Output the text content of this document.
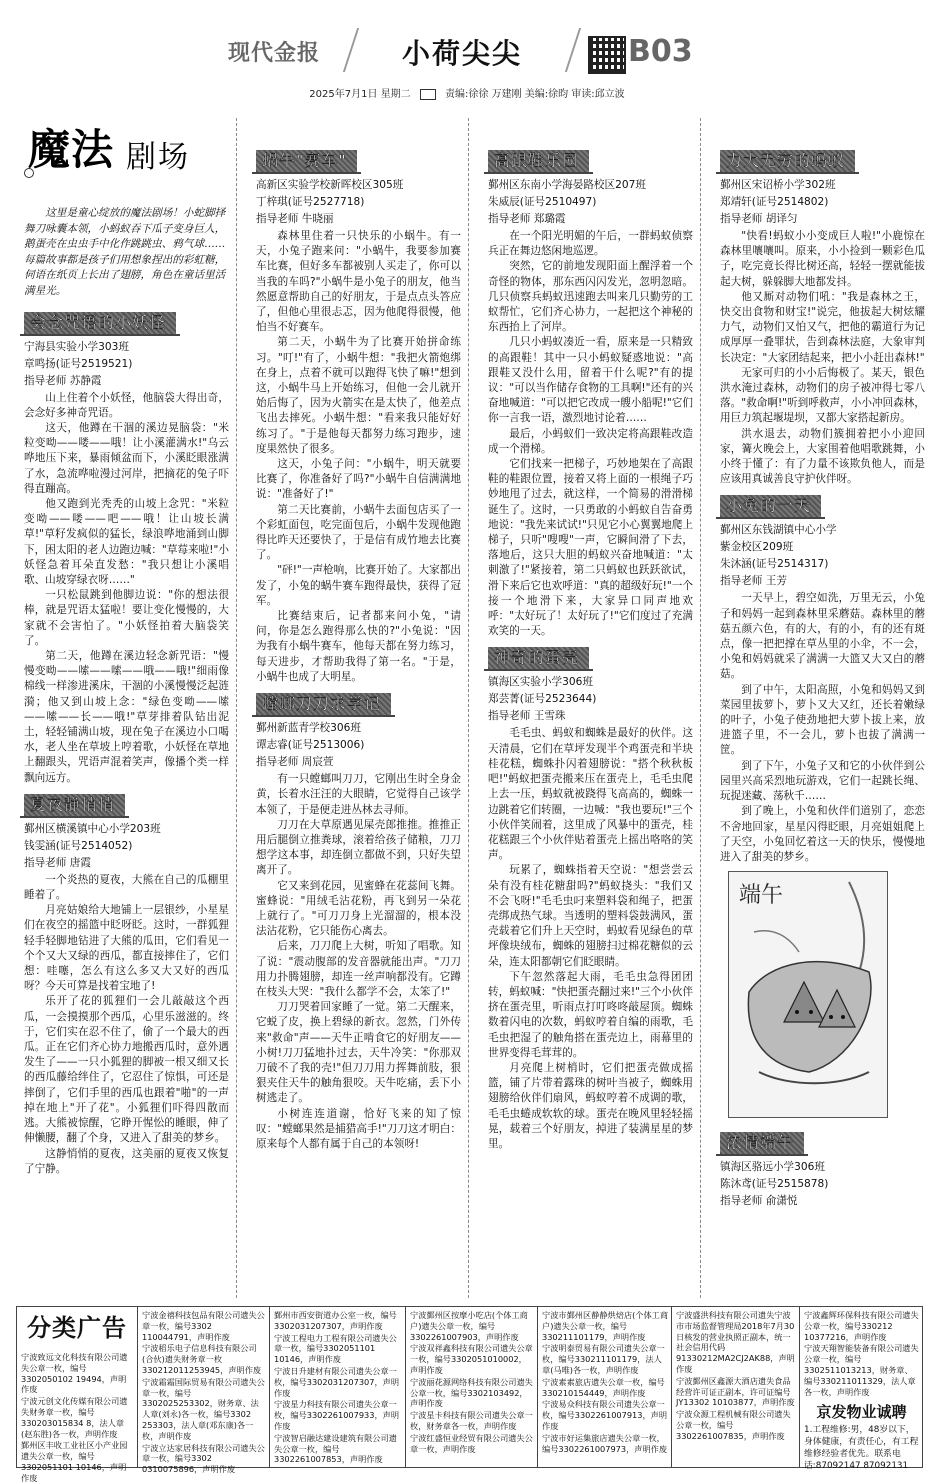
现代金报	小荷尖尖	B03
2025年7月1日 星期二	责编:徐徐 万建刚 美编:徐昀 审读:邱立波
魔法 剧场

这里是童心绽放的魔法剧场！小蛇脚择舞刀咏囊本领，小蚂蚁吞下瓜子变身巨人，鹅蛋壳在虫虫手中化作跳跳虫、鸦气球……每篇故事都是孩子们用想象捏出的彩虹糖，伺语在纸页上长出了翅膀，角色在童话里活满星光。

会念咒语的小妖怪
宁海县实验小学303班
章鸣扬(证号2519521)
指导老师 苏静霞

山上住着个小妖怪，他脑袋大得出奇，会念好多神奇咒语。

这天，他蹲在干涸的溪边晃脑袋："米粒变呦——喽——哦！让小溪灌满水!"乌云哗地压下来，暴雨倾盆而下，小溪眨眼涨满了水，急流哗啦漫过河岸，把摘花的兔子吓得直蹦高。

他又跑到光秃秃的山坡上念咒："米粒变呦——喽——吧——哦！让山坡长满草!"草籽发疯似的猛长，绿浪哗地涌到山脚下，困太阳的老人边跑边喊："草莓来啦!"小妖怪急着耳朵直发愁："我只想让小溪唱歌、山坡穿绿衣呀……"

一只松鼠跳到他脚边说："你的想法很棒，就是咒语太猛啦！要让变化慢慢的，大家就不会害怕了。"小妖怪拍着大脑袋笑了。

第二天，他蹲在溪边轻念新咒语："慢慢变呦——嗦——嗦——哦——哦!"细雨像棉线一样渗进溪床，干涸的小溪慢慢泛起涟漪；他又到山坡上念："绿色变呦——嗦——嗦——长——哦!"草芽排着队钻出泥土，轻轻铺满山坡，现在兔子在溪边小口喝水，老人坐在草坡上哼着歌，小妖怪在草地上翻跟头，咒语声混着笑声，像播个类一样飘向远方。

夏夜静悄悄
鄞州区横溪镇中心小学203班
钱雯涵(证号2514052)
指导老师 唐霞

一个炎热的夏夜，大熊在自己的瓜棚里睡着了。

月亮姑娘给大地铺上一层银纱，小星星们在夜空的摇篮中眨呀眨。这时，一群狐狸轻手轻脚地钻进了大熊的瓜田，它们看见一个个又大又绿的西瓜，都直接摔住了，它们想：哇噻，怎么有这么多又大又好的西瓜呀？今天可算是找着宝地了!

乐开了花的狐狸们一会儿敲敲这个西瓜，一会摸摸那个西瓜，心里乐滋滋的。终于，它们实在忍不住了，偷了一个最大的西瓜。正在它们齐心协力地搬西瓜时，意外遇发生了——一只小狐狸的脚被一根又细又长的西瓜藤给绊住了，它忍住了惊惧，可还是摔倒了，它们手里的西瓜也跟着"啪"的一声掉在地上"开了花"。小狐狸们吓得四散而逃。大熊被惊醒，它睁开惺忪的睡眼，伸了伸懒腰，翻了个身，又进入了甜美的梦乡。

这静悄悄的夏夜，这美丽的夏夜又恢复了宁静。

蜗牛"赛车"
高新区实验学校新晖校区305班
丁梓琪(证号2527718)
指导老师 牛晓丽

森林里住着一只快乐的小蜗牛。有一天，小兔子跑来问："小蜗牛，我要参加赛车比赛，但好多车都被别人买走了，你可以当我的车吗?"小蜗牛是小兔子的朋友，他当然愿意帮助自己的好朋友，于是点点头答应了，但他心里很忐忑，因为他爬得很慢，他怕当不好赛车。

第二天，小蜗牛为了比赛开始拼命练习。"叮!"有了，小蜗牛想："我把火箭炮绑在身上，点着不就可以跑得飞快了嘛!"想到这，小蜗牛马上开始练习，但他一会儿就开始后悔了，因为火箭实在是太快了，他差点飞出去摔死。小蜗牛想："看来我只能好好练习了。"于是他每天都努力练习跑步，速度果然快了很多。

这天，小兔子问："小蜗牛，明天就要比赛了，你准备好了吗?"小蜗牛自信满满地说："准备好了!"

第二天比赛前，小蜗牛去面包店买了一个彩虹面包，吃完面包后，小蜗牛发现他跑得比昨天还要快了，于是信有成竹地去比赛了。

"砰!"一声枪响，比赛开始了。大家都出发了，小兔的蜗牛赛车跑得最快，获得了冠军。

比赛结束后，记者都来问小兔，"请问，你是怎么跑得那么快的?"小兔说："因为我有小蜗牛赛车，他每天都在努力练习，每天进步，才帮助我得了第一名。"于是，小蜗牛也成了大明星。

螳螂刀刀求学记
鄞州新蓝青学校306班
谭志睿(证号2513006)
指导老师 周宸萱

有一只螳螂叫刀刀，它刚出生时全身金黄，长着水汪汪的大眼睛，它觉得自己该学本领了，于是便走进丛林去寻师。

刀刀在大草原遇见屎壳郎推推。推推正用后腿倒立推粪球，滚着给孩子储粮，刀刀想学这本事，却连倒立都做不到，只好失望离开了。

它又来到花园，见蜜蜂在花蕊间飞舞。蜜蜂说："用绒毛沾花粉，再飞到另一朵花上就行了。"可刀刀身上光溜溜的，根本没法沾花粉，它只能伤心离去。

后来，刀刀爬上大树，听知了唱歌。知了说："震动腹部的发音器就能出声。"刀刀用力扑腾翅膀，却连一丝声响都没有。它蹲在枝头大哭："我什么都学不会，太笨了!"

刀刀哭着回家睡了一觉。第二天醒来，它蜕了皮，换上碧绿的新衣。忽然，门外传来"救命"声——天牛正啃食它的好朋友——小树!刀刀猛地扑过去，天牛冷笑："你那双刀破不了我的壳!"但刀刀用力挥舞前肢，狠狠夹住天牛的触角狠咬。天牛吃痛，丢下小树逃走了。

小树连连道谢，恰好飞来的知了惊叹："螳螂果然是捕猎高手!"刀刀这才明白：原来每个人都有属于自己的本领呀!

高跟鞋乐园
鄞州区东南小学海晏路校区207班
朱威辰(证号2510497)
指导老师 郑璐霞

在一个阳光明媚的午后，一群蚂蚁侦察兵正在舞边悠闲地巡逻。

突然，它的前地发现阳面上醒浮着一个奇怪的物体，那东西闪闪发光，忽明忽暗。几只侦察兵蚂蚁迅速跑去叫来几只勤劳的工蚁帮忙，它们齐心协力，一起把这个神秘的东西抬上了河岸。

几只小蚂蚁凑近一看，原来是一只精致的高跟鞋！其中一只小蚂蚁疑惑地说："高跟鞋又没什么用，留着干什么呢?"有的提议："可以当作储存食物的工具啊!"还有的兴奋地喊道："可以把它改成一艘小船呢!"它们你一言我一语，激烈地讨论着……

最后，小蚂蚁们一致决定将高跟鞋改造成一个滑梯。

它们找来一把梯子，巧妙地架在了高跟鞋的鞋跟位置，接着又将上面的一根绳子巧妙地甩了过去，就这样，一个简易的滑滑梯诞生了。这时，一只勇敢的小蚂蚁自告奋勇地说："我先来试试!"只见它小心翼翼地爬上梯子，只听"嗖嗖"一声，它瞬间滑了下去，落地后，这只大胆的蚂蚁兴奋地喊道："太刺激了!"紧接着，第二只蚂蚁也跃跃欲试，滑下来后它也欢呼道："真的超级好玩!"一个接一个地滑下来，大家异口同声地欢呼："太好玩了！太好玩了!"它们度过了充满欢笑的一天。

神奇的蛋壳
镇海区实验小学306班
郑芸菁(证号2523644)
指导老师 王雪珠

毛毛虫、蚂蚁和蜘蛛是最好的伙伴。这天清晨，它们在草坪发现半个鸡蛋壳和半块桂花糕，蜘蛛扑闪着翅膀说："搭个秋秋板吧!"蚂蚁把蛋壳搬来压在蛋壳上，毛毛虫爬上去一压，蚂蚁就被跷得飞高高的，蜘蛛一边跳着它们转圈，一边喊："我也要玩!"三个小伙伴笑闹着，这里成了风暴中的蛋壳，桂花糕跟三个小伙伴贴着蛋壳上摇出咯咯的笑声。

玩累了，蜘蛛指着天空说："想尝尝云朵有没有桂花糖甜吗?"蚂蚁挠头："我们又不会飞呀!"毛毛虫叼来塑料袋和绳子，把蛋壳绑成热气球。当透明的塑料袋鼓满风，蛋壳载着它们升上天空时，蚂蚁看见绿色的草坪像块绒布，蜘蛛的翅膀扫过棉花糖似的云朵，连太阳都朝它们眨眼睛。

下午忽然落起大雨，毛毛虫急得团团转，蚂蚁喊："快把蛋壳翻过来!"三个小伙伴挤在蛋壳里，听雨点打叮咚咚敲屋顶。蜘蛛数着闪电的次数，蚂蚁哼着自编的雨歌，毛毛虫把湿了的触角搭在蛋壳边上，雨幕里的世界变得毛茸茸的。

月亮爬上树梢时，它们把蛋壳做成摇篮，铺了片带着露珠的树叶当被子，蜘蛛用翅膀给伙伴们扇风，蚂蚁哼着不成调的歌，毛毛虫蜷成软软的球。蛋壳在晚风里轻轻摇晃，载着三个好朋友，掉进了装满星星的梦里。

力大无穷的蚂蚁
鄞州区宋诏桥小学302班
郑靖轩(证号2514802)
指导老师 胡译匀

"快看!蚂蚁小小变成巨人啦!"小鹿惊在森林里嚷嚷叫。原来，小小捡到一颗彩色瓜子，吃完竟长得比树还高，轻轻一摆就能拔起大树，躲躲脚大地都发抖。

他又厮对动物们吼："我是森林之王，快交出食物和财宝!"说完，他拔起大树炫耀力气，动物们又怕又气，把他的霸道行为记成厚厚一叠罪状，告到森林法庭，大象审判长决定："大家团结起来，把小小赶出森林!"

无家可归的小小后悔极了。某天，银色洪水淹过森林，动物们的房子被冲得七零八落。"救命啊!"听到呼救声，小小冲回森林，用巨力筑起堰堤坝，又都大家搭起新房。

洪水退去，动物们簇拥着把小小迎回家，篝火晚会上，大家围着他唱歌跳舞，小小终于懂了：有了力量不该欺负他人，而是应该用真诚善良守护伙伴呀。

小兔的一天
鄞州区东钱湖镇中心小学
紫金校区209班
朱沐涵(证号2514317)
指导老师 王芳

一天早上，碧空如洗，万里无云，小兔子和妈妈一起到森林里采蘑菇。森林里的蘑菇五颜六色，有的大，有的小，有的还有斑点，像一把把撑在草丛里的小伞，不一会，小兔和妈妈就采了满满一大篮又大又白的蘑菇。

到了中午，太阳高照，小兔和妈妈又到菜园里拔萝卜，萝卜又大又红，还长着嫩绿的叶子，小兔子使劲地把大萝卜拔上来，放进篮子里，不一会儿，萝卜也拔了满满一筐。

到了下午，小兔子又和它的小伙伴到公园里兴高采烈地玩游戏，它们一起跳长绳、玩捉迷藏、荡秋千……

到了晚上，小兔和伙伴们道别了，恋恋不舍地回家，星星闪得眨眼，月亮姐姐爬上了天空，小兔回忆着这一天的快乐，慢慢地进入了甜美的梦乡。

端午
浓情端午
镇海区骆远小学306班
陈沐鸢(证号2515878)
指导老师 俞潇悦
分类广告
宁波致远文化科技有限公司遗失公章一枚，编号3302050102 19494，声明作废
宁波元创文化传媒有限公司遗失财务章一枚，编号330203015834 8，法人章(赵东胜)各一枚，声明作废
鄞州区丰收工业社区小产业园遗失公章一枚，编号3302051101 10146，声明作废
宁波金禧科技包品有限公司遗失公章一枚，编号3302 110044791，声明作废
宁波稻乐电子信息科技有限公司(合伙)遗失财务章一枚330212011253945，声明作废
宁波霜霜国际贸易有限公司遗失公章一枚，编号3302025253302，财务章、法人章(刘永)各一枚，编号3302 253303，法人章(邓东康)各一枚，声明作废
宁波立达家居科技有限公司遗失公章一枚，编号3302 0310075896，声明作废
鄞州市西安街道办公室一枚，编号3302031207307，声明作废
宁波工程电力工程有限公司遗失公章一枚，编号3302051101 10146，声明作废
宁波日升建材有限公司遗失公章一枚，编号3302031207307，声明作废
宁波星力科技有限公司遗失公章一枚，编号3302261007933，声明作废
宁波智启融达建设建筑有限公司遗失公章一枚，编号3302261007853，声明作废
宁波鄞州区按摩小吃店(个体工商户)遗失公章一枚，编号3302261007903，声明作废
宁波双祥鑫科技有限公司遗失公章一枚，编号3302051010002，声明作废
宁波丽花源网络科技有限公司遗失公章一枚，编号3302103492，声明作废
宁波星卡科技有限公司遗失公章一枚，财务章各一枚，声明作废
宁波红盛恒业经贸有限公司遗失公章一枚，声明作废
宁波市鄞州区静静烘焙店(个体工商户)遗失公章一枚，编号330211101179，声明作废
宁波明泰贸易有限公司遗失公章一枚，编号330211101179，法人章(马唯)各一枚，声明作废
宁波素素旅店遗失公章一枚，编号330210154449，声明作废
宁波易众科技有限公司遗失公章一枚，编号3302261007913，声明作废
宁波市好运集旅店遗失公章一枚，编号3302261007973，声明作废
宁波盛洪科技有限公司遗失宁波市市场监督管理局2018年7月30日核发的营业执照正副本，统一社会信用代码91330212MA2CJ2AK88，声明作废
宁波鄞州区鑫源大酒店遗失食品经营许可证正副本，许可证编号JY13302 10103877，声明作废
宁波众源工程机械有限公司遗失公章一枚，编号3302261007835，声明作废
宁波鑫辉环保科技有限公司遗失公章一枚，编号330212 10377216，声明作废
宁波天翔智能装备有限公司遗失公章一枚，编号3302511013213，财务章、编号330211011329，法人章各一枚，声明作废
京发物业诚聘
1.工程维修:男，48岁以下，身体健康，有责任心，有工程维修经验者优先。联系电话:87092147 87092131
